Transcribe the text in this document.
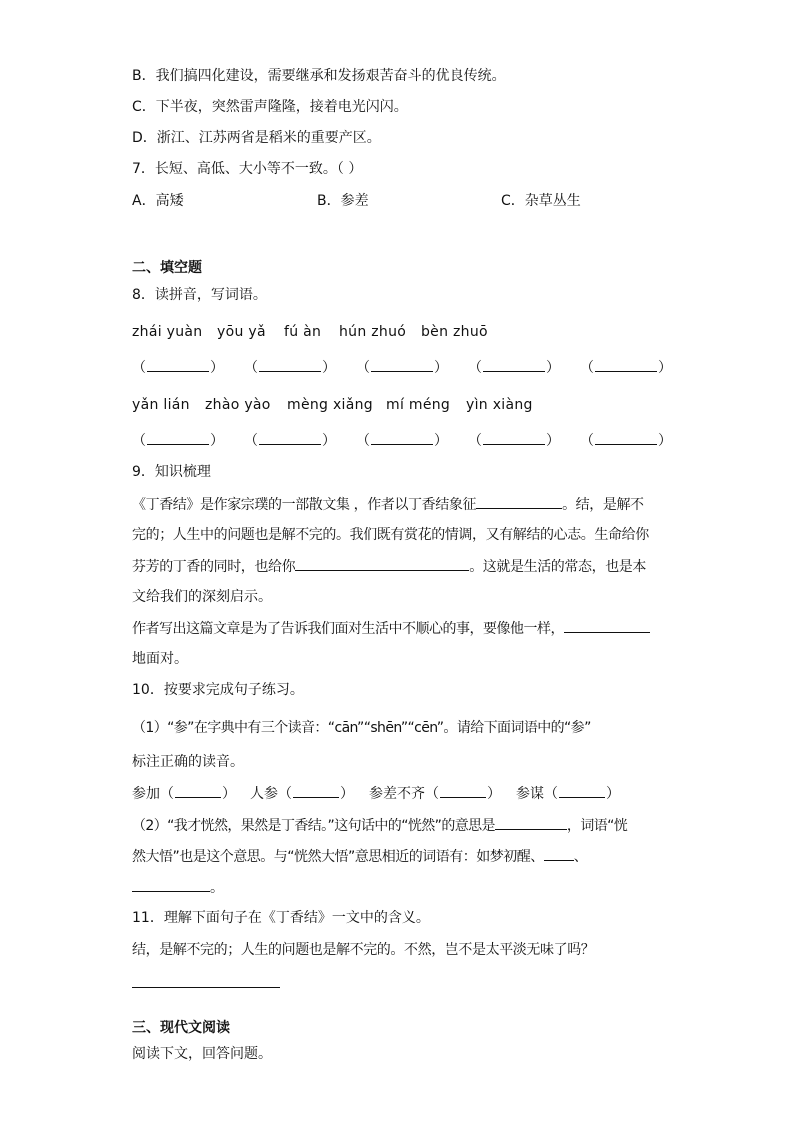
B．我们搞四化建设，需要继承和发扬艰苦奋斗的优良传统。
C．下半夜，突然雷声隆隆，接着电光闪闪。
D．浙江、江苏两省是稻米的重要产区。
7．长短、高低、大小等不一致。（ ）
A．高矮	B．参差	C．杂草丛生
二、填空题
8．读拼音，写词语。
zhái yuàn yōu yǎ fú àn hún zhuó bèn zhuō
（	） （	） （	） （	） （	）
yǎn lián zhào yào mèng xiǎng mí méng yìn xiàng
（	） （	） （	） （	） （	）
9．知识梳理
《丁香结》是作家宗璞的一部散文集 ，作者以丁香结象征	。结，是解不
完的；人生中的问题也是解不完的。我们既有赏花的情调，又有解结的心志。生命给你
芬芳的丁香的同时，也给你	。这就是生活的常态，也是本
文给我们的深刻启示。
作者写出这篇文章是为了告诉我们面对生活中不顺心的事，要像他一样，
地面对。
10．按要求完成句子练习。
（1）“参”在字典中有三个读音：“cān”“shēn”“cēn”。请给下面词语中的“参”
标注正确的读音。
参加（	） 人参（	） 参差不齐（	） 参谋（	）
（2）“我才恍然，果然是丁香结。”这句话中的“恍然”的意思是	，词语“恍
然大悟”也是这个意思。与“恍然大悟”意思相近的词语有：如梦初醒、 、
。
11．理解下面句子在《丁香结》一文中的含义。
结，是解不完的；人生的问题也是解不完的。不然，岂不是太平淡无味了吗？
三、现代文阅读
阅读下文，回答问题。
